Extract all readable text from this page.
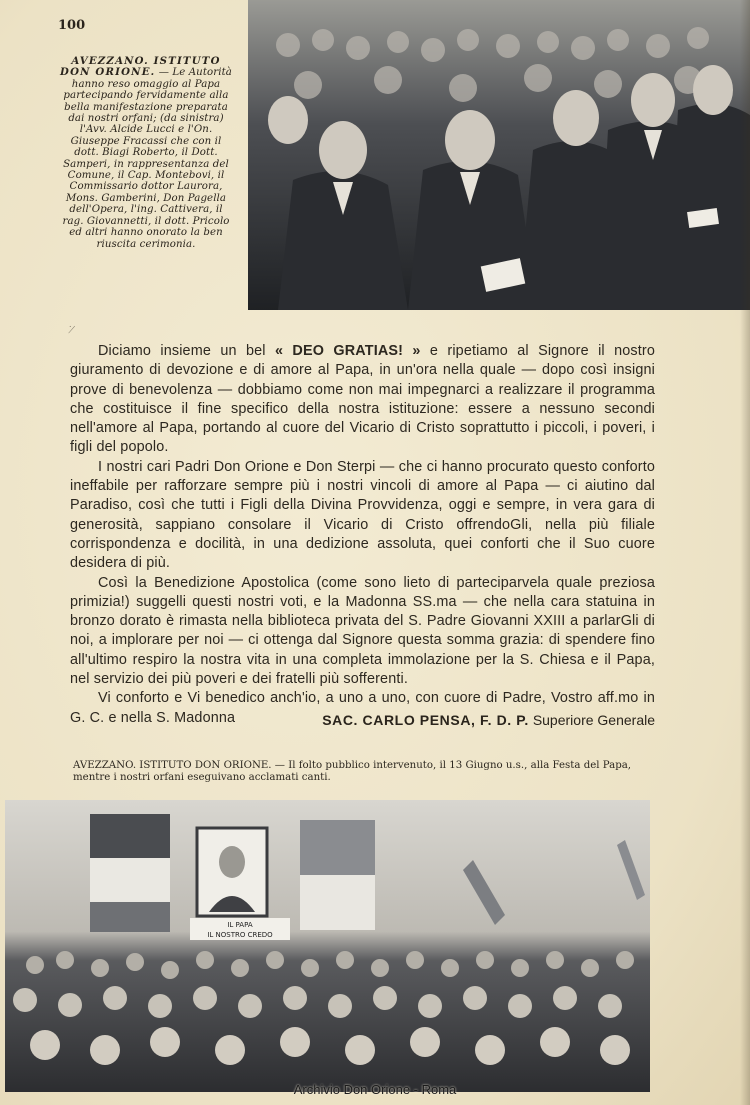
100
AVEZZANO. ISTITUTO DON ORIONE. — Le Autorità hanno reso omaggio al Papa partecipando fervidamente alla bella manifestazione preparata dai nostri orfani; (da sinistra) l'Avv. Alcide Lucci e l'On. Giuseppe Fracassi che con il dott. Biagi Roberto, il Dott. Samperi, in rappresentanza del Comune, il Cap. Montebovi, il Commissario dottor Laurora, Mons. Gamberini, Don Pagella dell'Opera, l'ing. Cattivera, il rag. Giovannetti, il dott. Pricolo ed altri hanno onorato la ben riuscita cerimonia.
˙ ̸

Diciamo insieme un bel « DEO GRATIAS! » e ripetiamo al Signore il nostro giuramento di devozione e di amore al Papa, in un'ora nella quale — dopo così insigni prove di benevolenza — dobbiamo come non mai impegnarci a realizzare il programma che costituisce il fine specifico della nostra istituzione: essere a nessuno secondi nell'amore al Papa, portando al cuore del Vicario di Cristo soprattutto i piccoli, i poveri, i figli del popolo.

I nostri cari Padri Don Orione e Don Sterpi — che ci hanno procurato questo conforto ineffabile per rafforzare sempre più i nostri vincoli di amore al Papa — ci aiutino dal Paradiso, così che tutti i Figli della Divina Provvidenza, oggi e sempre, in vera gara di generosità, sappiano consolare il Vicario di Cristo offrendoGli, nella più filiale corrispondenza e docilità, in una dedizione assoluta, quei conforti che il Suo cuore desidera di più.

Così la Benedizione Apostolica (come sono lieto di parteciparvela quale preziosa primizia!) suggelli questi nostri voti, e la Madonna SS.ma — che nella cara statuina in bronzo dorato è rimasta nella biblioteca privata del S. Padre Giovanni XXIII a parlarGli di noi, a implorare per noi — ci ottenga dal Signore questa somma grazia: di spendere fino all'ultimo respiro la nostra vita in una completa immolazione per la S. Chiesa e il Papa, nel servizio dei più poveri e dei fratelli più sofferenti.

Vi conforto e Vi benedico anch'io, a uno a uno, con cuore di Padre, Vostro aff.mo in G. C. e nella S. Madonna	SAC. CARLO PENSA, F. D. P. Superiore Generale
AVEZZANO. ISTITUTO DON ORIONE. — Il folto pubblico intervenuto, il 13 Giugno u.s., alla Festa del Papa, mentre i nostri orfani eseguivano acclamati canti.
IL PAPA
IL NOSTRO CREDO
Archivio Don Orione - Roma
